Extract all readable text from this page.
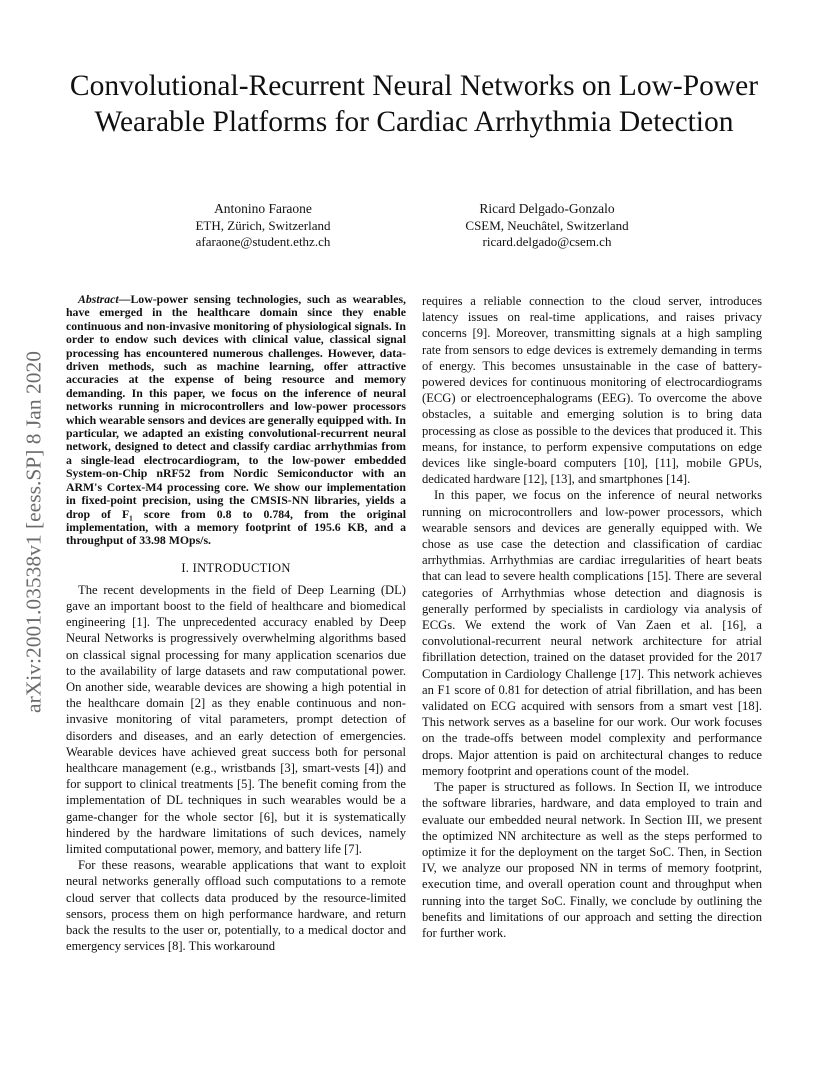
arXiv:2001.03538v1 [eess.SP] 8 Jan 2020
Convolutional-Recurrent Neural Networks on Low-Power Wearable Platforms for Cardiac Arrhythmia Detection
Antonino Faraone
ETH, Zürich, Switzerland
afaraone@student.ethz.ch
Ricard Delgado-Gonzalo
CSEM, Neuchâtel, Switzerland
ricard.delgado@csem.ch

Abstract—Low-power sensing technologies, such as wearables, have emerged in the healthcare domain since they enable continuous and non-invasive monitoring of physiological signals. In order to endow such devices with clinical value, classical signal processing has encountered numerous challenges. However, data-driven methods, such as machine learning, offer attractive accuracies at the expense of being resource and memory demanding. In this paper, we focus on the inference of neural networks running in microcontrollers and low-power processors which wearable sensors and devices are generally equipped with. In particular, we adapted an existing convolutional-recurrent neural network, designed to detect and classify cardiac arrhythmias from a single-lead electrocardiogram, to the low-power embedded System-on-Chip nRF52 from Nordic Semiconductor with an ARM's Cortex-M4 processing core. We show our implementation in fixed-point precision, using the CMSIS-NN libraries, yields a drop of F₁ score from 0.8 to 0.784, from the original implementation, with a memory footprint of 195.6 KB, and a throughput of 33.98 MOps/s.

I. INTRODUCTION

The recent developments in the field of Deep Learning (DL) gave an important boost to the field of healthcare and biomedical engineering [1]. The unprecedented accuracy enabled by Deep Neural Networks is progressively overwhelming algorithms based on classical signal processing for many application scenarios due to the availability of large datasets and raw computational power. On another side, wearable devices are showing a high potential in the healthcare domain [2] as they enable continuous and non-invasive monitoring of vital parameters, prompt detection of disorders and diseases, and an early detection of emergencies. Wearable devices have achieved great success both for personal healthcare management (e.g., wristbands [3], smart-vests [4]) and for support to clinical treatments [5]. The benefit coming from the implementation of DL techniques in such wearables would be a game-changer for the whole sector [6], but it is systematically hindered by the hardware limitations of such devices, namely limited computational power, memory, and battery life [7].

For these reasons, wearable applications that want to exploit neural networks generally offload such computations to a remote cloud server that collects data produced by the resource-limited sensors, process them on high performance hardware, and return back the results to the user or, potentially, to a medical doctor and emergency services [8]. This workaround

requires a reliable connection to the cloud server, introduces latency issues on real-time applications, and raises privacy concerns [9]. Moreover, transmitting signals at a high sampling rate from sensors to edge devices is extremely demanding in terms of energy. This becomes unsustainable in the case of battery-powered devices for continuous monitoring of electrocardiograms (ECG) or electroencephalograms (EEG). To overcome the above obstacles, a suitable and emerging solution is to bring data processing as close as possible to the devices that produced it. This means, for instance, to perform expensive computations on edge devices like single-board computers [10], [11], mobile GPUs, dedicated hardware [12], [13], and smartphones [14].

In this paper, we focus on the inference of neural networks running on microcontrollers and low-power processors, which wearable sensors and devices are generally equipped with. We chose as use case the detection and classification of cardiac arrhythmias. Arrhythmias are cardiac irregularities of heart beats that can lead to severe health complications [15]. There are several categories of Arrhythmias whose detection and diagnosis is generally performed by specialists in cardiology via analysis of ECGs. We extend the work of Van Zaen et al. [16], a convolutional-recurrent neural network architecture for atrial fibrillation detection, trained on the dataset provided for the 2017 Computation in Cardiology Challenge [17]. This network achieves an F1 score of 0.81 for detection of atrial fibrillation, and has been validated on ECG acquired with sensors from a smart vest [18]. This network serves as a baseline for our work. Our work focuses on the trade-offs between model complexity and performance drops. Major attention is paid on architectural changes to reduce memory footprint and operations count of the model.

The paper is structured as follows. In Section II, we introduce the software libraries, hardware, and data employed to train and evaluate our embedded neural network. In Section III, we present the optimized NN architecture as well as the steps performed to optimize it for the deployment on the target SoC. Then, in Section IV, we analyze our proposed NN in terms of memory footprint, execution time, and overall operation count and throughput when running into the target SoC. Finally, we conclude by outlining the benefits and limitations of our approach and setting the direction for further work.
